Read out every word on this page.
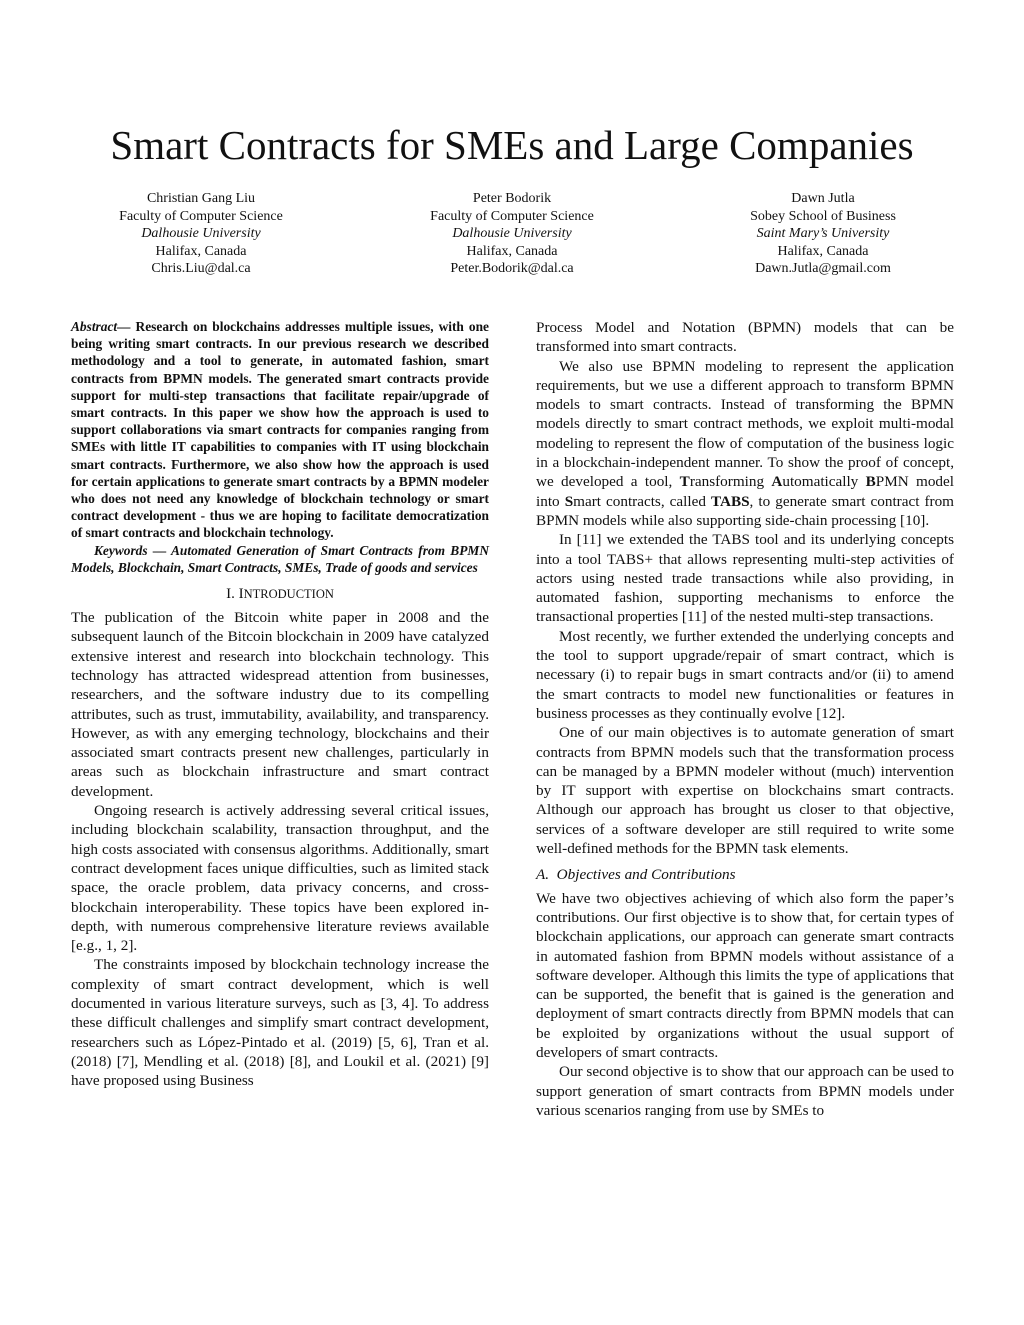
Smart Contracts for SMEs and Large Companies
Christian Gang Liu
Faculty of Computer Science
Dalhousie University
Halifax, Canada
Chris.Liu@dal.ca
Peter Bodorik
Faculty of Computer Science
Dalhousie University
Halifax, Canada
Peter.Bodorik@dal.ca
Dawn Jutla
Sobey School of Business
Saint Mary’s University
Halifax, Canada
Dawn.Jutla@gmail.com

Abstract— Research on blockchains addresses multiple issues, with one being writing smart contracts. In our previous research we described methodology and a tool to generate, in automated fashion, smart contracts from BPMN models. The generated smart contracts provide support for multi-step transactions that facilitate repair/upgrade of smart contracts. In this paper we show how the approach is used to support collaborations via smart contracts for companies ranging from SMEs with little IT capabilities to companies with IT using blockchain smart contracts. Furthermore, we also show how the approach is used for certain applications to generate smart contracts by a BPMN modeler who does not need any knowledge of blockchain technology or smart contract development - thus we are hoping to facilitate democratization of smart contracts and blockchain technology.

Keywords — Automated Generation of Smart Contracts from BPMN Models, Blockchain, Smart Contracts, SMEs, Trade of goods and services

I. INTRODUCTION

The publication of the Bitcoin white paper in 2008 and the subsequent launch of the Bitcoin blockchain in 2009 have catalyzed extensive interest and research into blockchain technology. This technology has attracted widespread attention from businesses, researchers, and the software industry due to its compelling attributes, such as trust, immutability, availability, and transparency. However, as with any emerging technology, blockchains and their associated smart contracts present new challenges, particularly in areas such as blockchain infrastructure and smart contract development.

Ongoing research is actively addressing several critical issues, including blockchain scalability, transaction throughput, and the high costs associated with consensus algorithms. Additionally, smart contract development faces unique difficulties, such as limited stack space, the oracle problem, data privacy concerns, and cross-blockchain interoperability. These topics have been explored in-depth, with numerous comprehensive literature reviews available [e.g., 1, 2].

The constraints imposed by blockchain technology increase the complexity of smart contract development, which is well documented in various literature surveys, such as [3, 4]. To address these difficult challenges and simplify smart contract development, researchers such as López-Pintado et al. (2019) [5, 6], Tran et al. (2018) [7], Mendling et al. (2018) [8], and Loukil et al. (2021) [9] have proposed using Business

Process Model and Notation (BPMN) models that can be transformed into smart contracts.

We also use BPMN modeling to represent the application requirements, but we use a different approach to transform BPMN models to smart contracts. Instead of transforming the BPMN models directly to smart contract methods, we exploit multi-modal modeling to represent the flow of computation of the business logic in a blockchain-independent manner. To show the proof of concept, we developed a tool, Transforming Automatically BPMN model into Smart contracts, called TABS, to generate smart contract from BPMN models while also supporting side-chain processing [10].

In [11] we extended the TABS tool and its underlying concepts into a tool TABS+ that allows representing multi-step activities of actors using nested trade transactions while also providing, in automated fashion, supporting mechanisms to enforce the transactional properties [11] of the nested multi-step transactions.

Most recently, we further extended the underlying concepts and the tool to support upgrade/repair of smart contract, which is necessary (i) to repair bugs in smart contracts and/or (ii) to amend the smart contracts to model new functionalities or features in business processes as they continually evolve [12].

One of our main objectives is to automate generation of smart contracts from BPMN models such that the transformation process can be managed by a BPMN modeler without (much) intervention by IT support with expertise on blockchains smart contracts. Although our approach has brought us closer to that objective, services of a software developer are still required to write some well-defined methods for the BPMN task elements.

A. Objectives and Contributions

We have two objectives achieving of which also form the paper’s contributions. Our first objective is to show that, for certain types of blockchain applications, our approach can generate smart contracts in automated fashion from BPMN models without assistance of a software developer. Although this limits the type of applications that can be supported, the benefit that is gained is the generation and deployment of smart contracts directly from BPMN models that can be exploited by organizations without the usual support of developers of smart contracts.

Our second objective is to show that our approach can be used to support generation of smart contracts from BPMN models under various scenarios ranging from use by SMEs to
